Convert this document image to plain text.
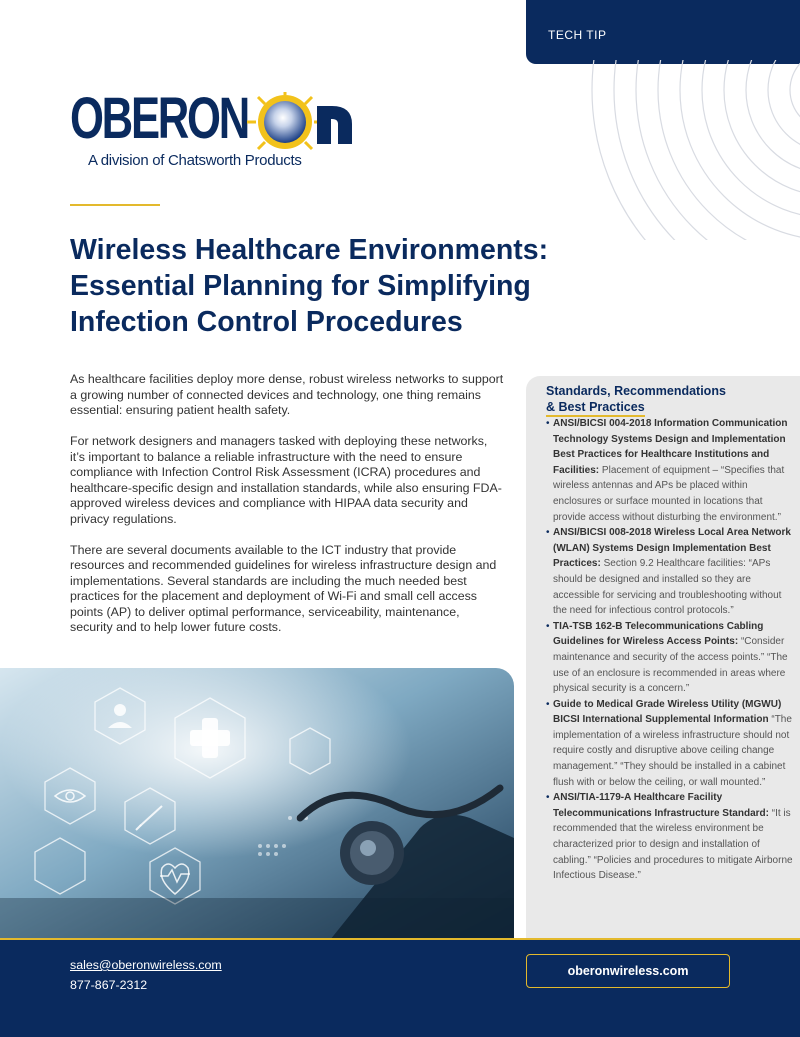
TECH TIP
OBERON
A division of Chatsworth Products
Wireless Healthcare Environments:
Essential Planning for Simplifying
Infection Control Procedures

As healthcare facilities deploy more dense, robust wireless networks to support a growing number of connected devices and technology, one thing remains essential: ensuring patient health safety.

For network designers and managers tasked with deploying these networks, it’s important to balance a reliable infrastructure with the need to ensure compliance with Infection Control Risk Assessment (ICRA) procedures and healthcare-specific design and installation standards, while also ensuring FDA-approved wireless devices and compliance with HIPAA data security and privacy regulations.

There are several documents available to the ICT industry that provide resources and recommended guidelines for wireless infrastructure design and implementations. Several standards are including the much needed best practices for the placement and deployment of Wi-Fi and small cell access points (AP) to deliver optimal performance, serviceability, maintenance, security and to help lower future costs.

Standards, Recommendations
& Best Practices
• ANSI/BICSI 004-2018 Information Communication Technology Systems Design and Implementation Best Practices for Healthcare Institutions and Facilities: Placement of equipment – “Specifies that wireless antennas and APs be placed within enclosures or surface mounted in locations that provide access without disturbing the environment.”
• ANSI/BICSI 008-2018 Wireless Local Area Network (WLAN) Systems Design Implementation Best Practices: Section 9.2 Healthcare facilities: “APs should be designed and installed so they are accessible for servicing and troubleshooting without the need for infectious control protocols.”
• TIA-TSB 162-B Telecommunications Cabling Guidelines for Wireless Access Points: “Consider maintenance and security of the access points.” “The use of an enclosure is recommended in areas where physical security is a concern.”
• Guide to Medical Grade Wireless Utility (MGWU) BICSI International Supplemental Information “The implementation of a wireless infrastructure should not require costly and disruptive above ceiling change management.” “They should be installed in a cabinet flush with or below the ceiling, or wall mounted.”
• ANSI/TIA-1179-A Healthcare Facility Telecommunications Infrastructure Standard: “It is recommended that the wireless environment be characterized prior to design and installation of cabling.” “Policies and procedures to mitigate Airborne Infectious Disease.”
sales@oberonwireless.com
877-867-2312
oberonwireless.com
